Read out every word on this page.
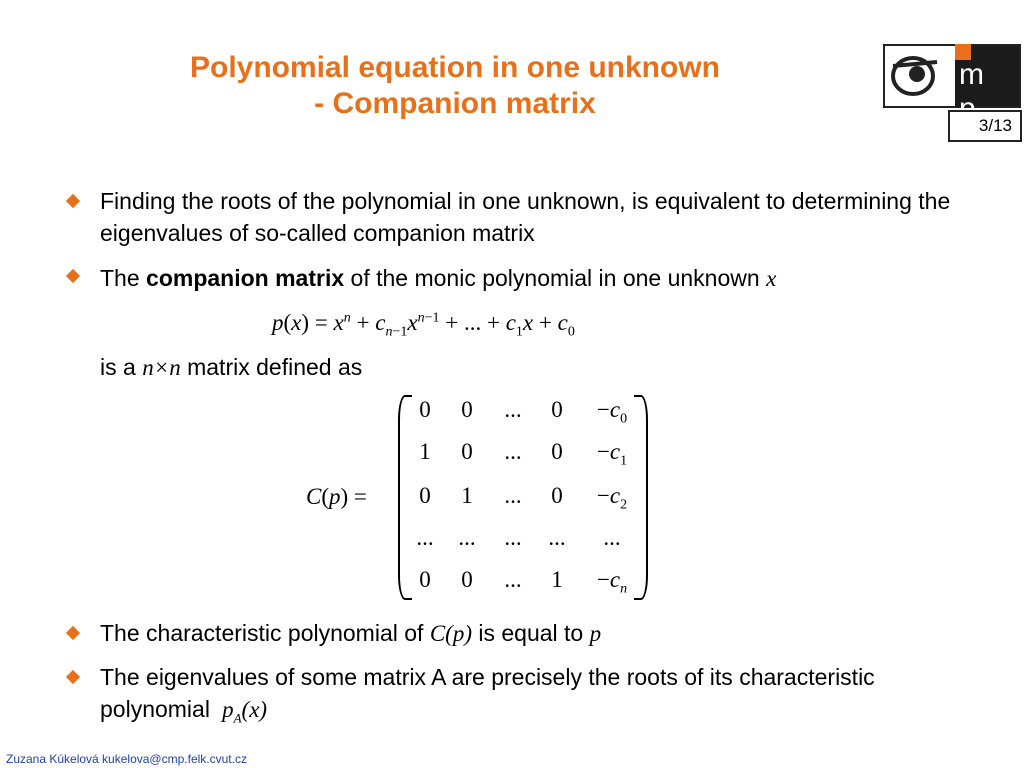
Polynomial equation in one unknown
- Companion matrix
m p
3/13
Finding the roots of the polynomial in one unknown, is equivalent to determining the eigenvalues of so-called companion matrix
The companion matrix of the monic polynomial in one unknown x
$p(x) = x^n + c_{n-1}x^{n-1}$ + ... + $c_1x + c_0$
is a n×n matrix defined as
C(p) =
0	0	...	0	$-c_0$
1	0	...	0	$-c_1$
0	1	...	0	$-c_2$
...	...	...	...	...
0	0	...	1	$-c_n$
The characteristic polynomial of C(p) is equal to p
The eigenvalues of some matrix A are precisely the roots of its characteristic polynomial  $p_A(x)$
Zuzana Kúkelová kukelova@cmp.felk.cvut.cz
